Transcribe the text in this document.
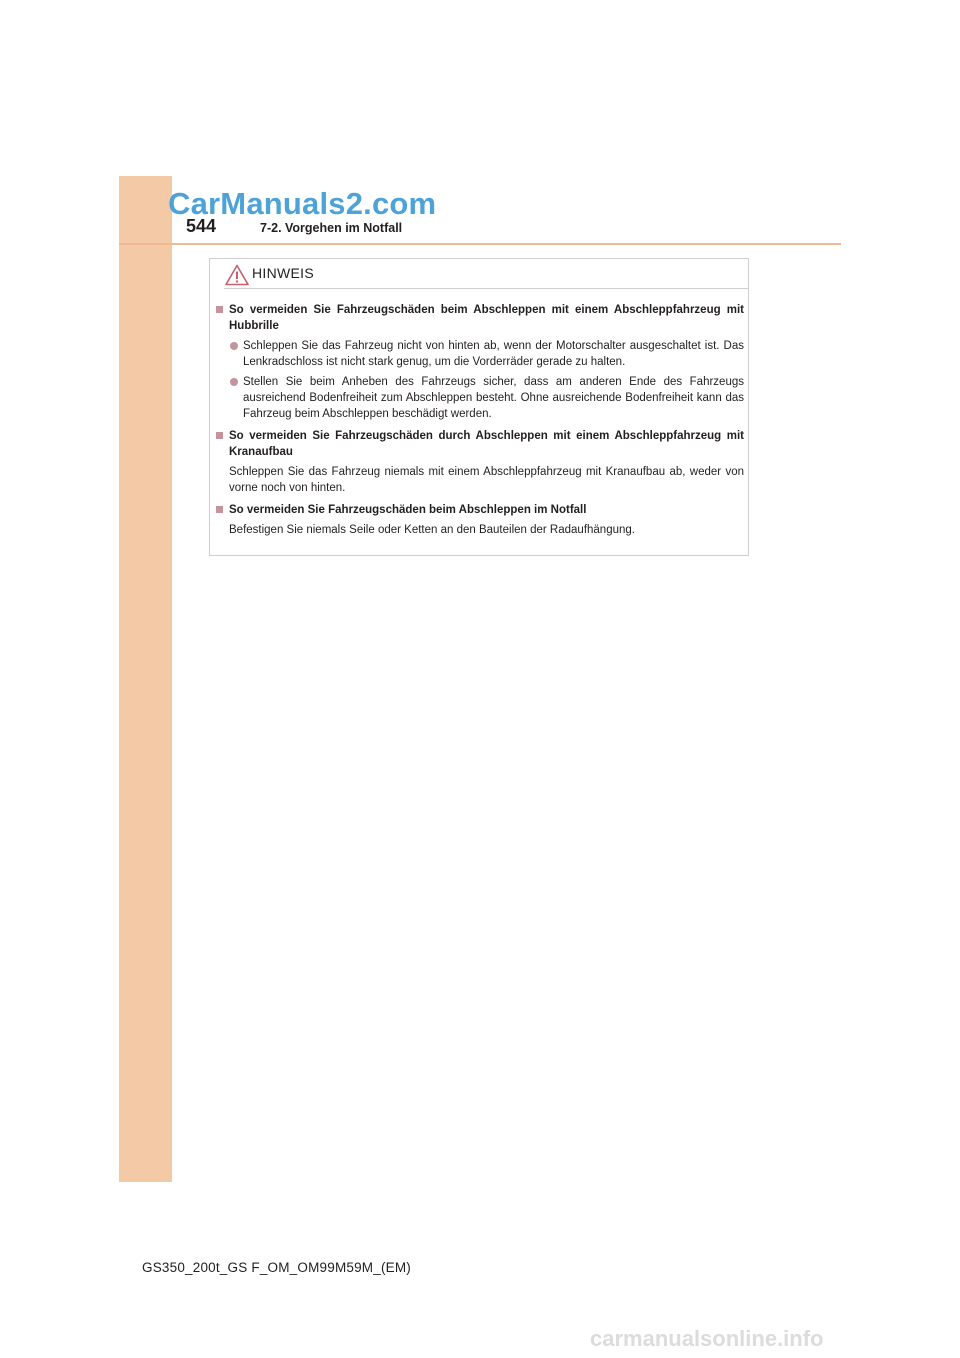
CarManuals2.com
544	7-2. Vorgehen im Notfall
HINWEIS
So vermeiden Sie Fahrzeugschäden beim Abschleppen mit einem Abschleppfahrzeug mit Hubbrille
Schleppen Sie das Fahrzeug nicht von hinten ab, wenn der Motorschalter ausgeschaltet ist. Das Lenkradschloss ist nicht stark genug, um die Vorderräder gerade zu halten.
Stellen Sie beim Anheben des Fahrzeugs sicher, dass am anderen Ende des Fahrzeugs ausreichend Bodenfreiheit zum Abschleppen besteht. Ohne ausreichende Bodenfreiheit kann das Fahrzeug beim Abschleppen beschädigt werden.
So vermeiden Sie Fahrzeugschäden durch Abschleppen mit einem Abschleppfahrzeug mit Kranaufbau
Schleppen Sie das Fahrzeug niemals mit einem Abschleppfahrzeug mit Kranaufbau ab, weder von vorne noch von hinten.
So vermeiden Sie Fahrzeugschäden beim Abschleppen im Notfall
Befestigen Sie niemals Seile oder Ketten an den Bauteilen der Radaufhängung.
GS350_200t_GS F_OM_OM99M59M_(EM)
carmanualsonline.info
